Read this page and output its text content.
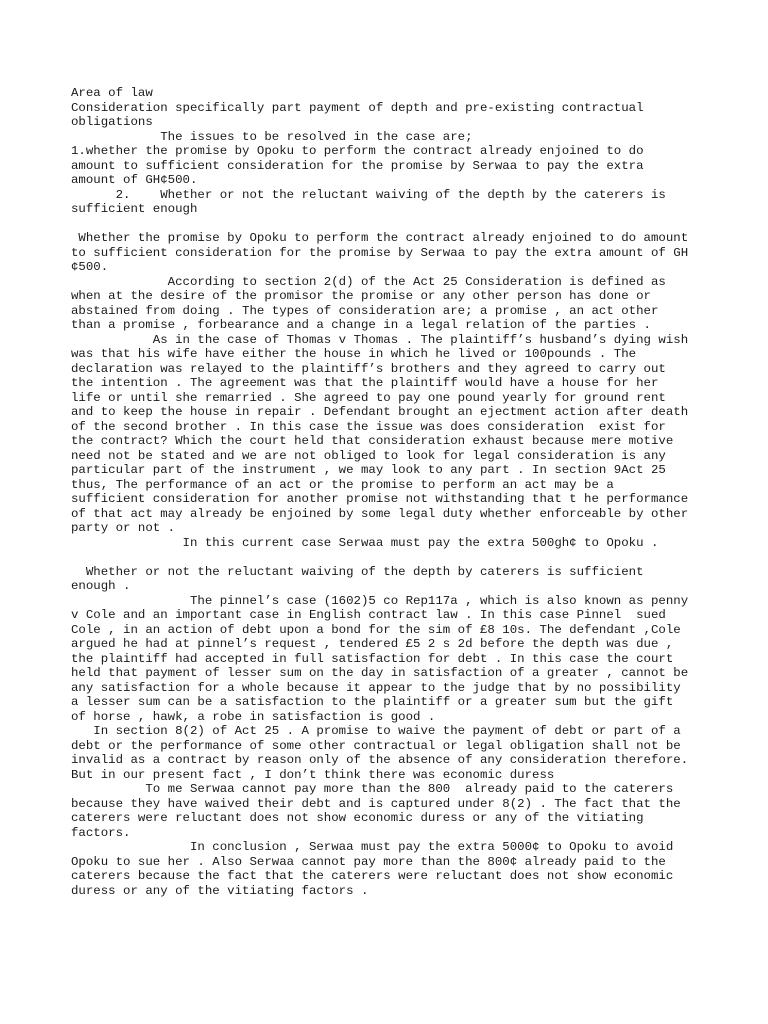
Area of law
Consideration specifically part payment of depth and pre-existing contractual
obligations
The issues to be resolved in the case are;
1.whether the promise by Opoku to perform the contract already enjoined to do
amount to sufficient consideration for the promise by Serwaa to pay the extra
amount of GH¢500.
2.    Whether or not the reluctant waiving of the depth by the caterers is
sufficient enough

Whether the promise by Opoku to perform the contract already enjoined to do amount
to sufficient consideration for the promise by Serwaa to pay the extra amount of GH
¢500.
According to section 2(d) of the Act 25 Consideration is defined as
when at the desire of the promisor the promise or any other person has done or
abstained from doing . The types of consideration are; a promise , an act other
than a promise , forbearance and a change in a legal relation of the parties .
As in the case of Thomas v Thomas . The plaintiff’s husband’s dying wish
was that his wife have either the house in which he lived or 100pounds . The
declaration was relayed to the plaintiff’s brothers and they agreed to carry out
the intention . The agreement was that the plaintiff would have a house for her
life or until she remarried . She agreed to pay one pound yearly for ground rent
and to keep the house in repair . Defendant brought an ejectment action after death
of the second brother . In this case the issue was does consideration  exist for
the contract? Which the court held that consideration exhaust because mere motive
need not be stated and we are not obliged to look for legal consideration is any
particular part of the instrument , we may look to any part . In section 9Act 25
thus, The performance of an act or the promise to perform an act may be a
sufficient consideration for another promise not withstanding that t he performance
of that act may already be enjoined by some legal duty whether enforceable by other
party or not .
In this current case Serwaa must pay the extra 500gh¢ to Opoku .

Whether or not the reluctant waiving of the depth by caterers is sufficient
enough .
The pinnel’s case (1602)5 co Rep117a , which is also known as penny
v Cole and an important case in English contract law . In this case Pinnel  sued
Cole , in an action of debt upon a bond for the sim of £8 10s. The defendant ,Cole
argued he had at pinnel’s request , tendered £5 2 s 2d before the depth was due ,
the plaintiff had accepted in full satisfaction for debt . In this case the court
held that payment of lesser sum on the day in satisfaction of a greater , cannot be
any satisfaction for a whole because it appear to the judge that by no possibility
a lesser sum can be a satisfaction to the plaintiff or a greater sum but the gift
of horse , hawk, a robe in satisfaction is good .
In section 8(2) of Act 25 . A promise to waive the payment of debt or part of a
debt or the performance of some other contractual or legal obligation shall not be
invalid as a contract by reason only of the absence of any consideration therefore.
But in our present fact , I don’t think there was economic duress
To me Serwaa cannot pay more than the 800  already paid to the caterers
because they have waived their debt and is captured under 8(2) . The fact that the
caterers were reluctant does not show economic duress or any of the vitiating
factors.
In conclusion , Serwaa must pay the extra 5000¢ to Opoku to avoid
Opoku to sue her . Also Serwaa cannot pay more than the 800¢ already paid to the
caterers because the fact that the caterers were reluctant does not show economic
duress or any of the vitiating factors .
